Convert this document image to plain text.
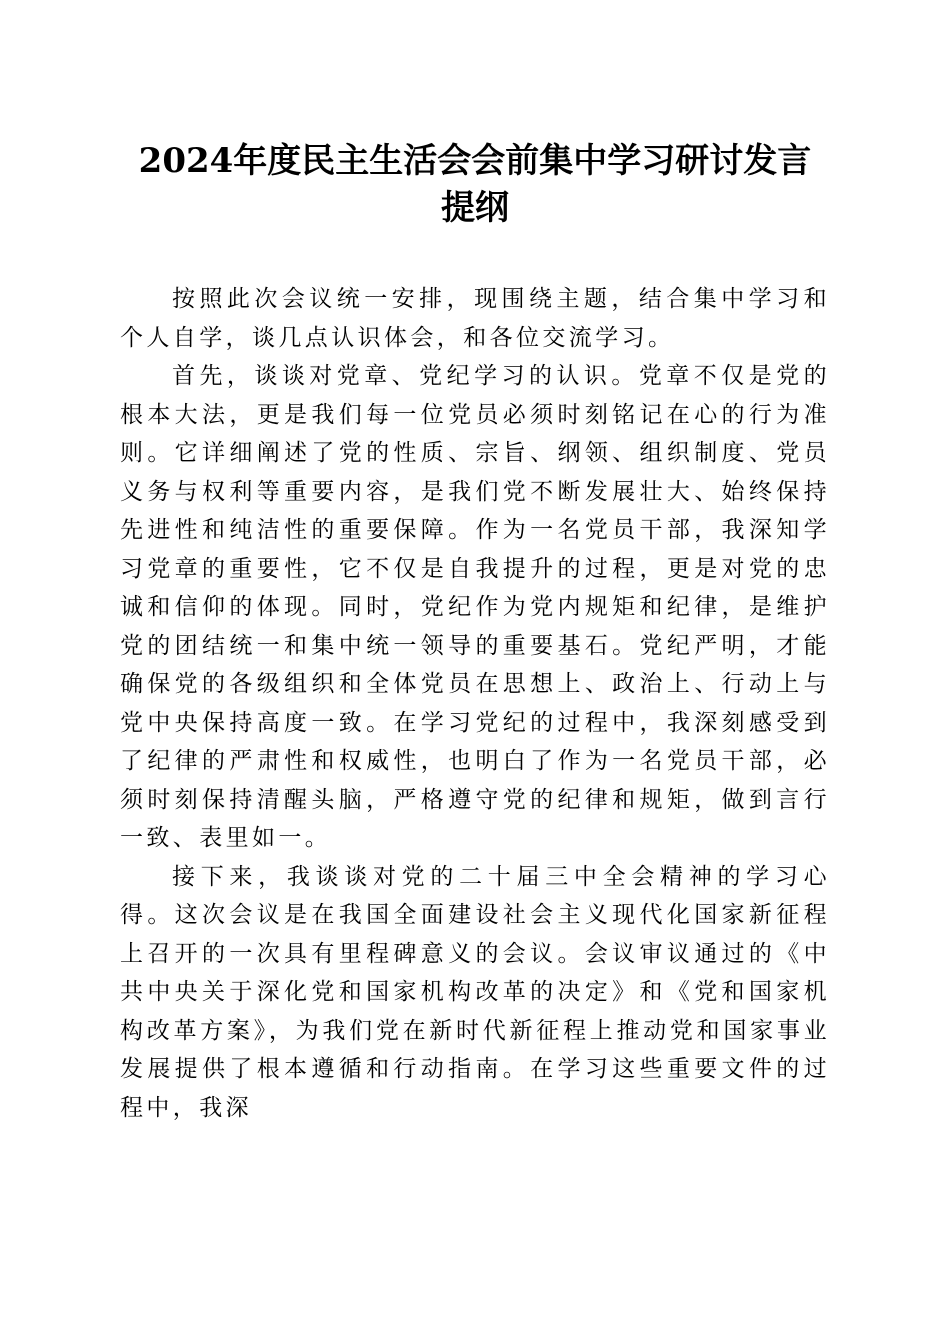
2024年度民主生活会会前集中学习研讨发言
提纲

按照此次会议统一安排，现围绕主题，结合集中学习和个人自学，谈几点认识体会，和各位交流学习。

首先，谈谈对党章、党纪学习的认识。党章不仅是党的根本大法，更是我们每一位党员必须时刻铭记在心的行为准则。它详细阐述了党的性质、宗旨、纲领、组织制度、党员义务与权利等重要内容，是我们党不断发展壮大、始终保持先进性和纯洁性的重要保障。作为一名党员干部，我深知学习党章的重要性，它不仅是自我提升的过程，更是对党的忠诚和信仰的体现。同时，党纪作为党内规矩和纪律，是维护党的团结统一和集中统一领导的重要基石。党纪严明，才能确保党的各级组织和全体党员在思想上、政治上、行动上与党中央保持高度一致。在学习党纪的过程中，我深刻感受到了纪律的严肃性和权威性，也明白了作为一名党员干部，必须时刻保持清醒头脑，严格遵守党的纪律和规矩，做到言行一致、表里如一。

接下来，我谈谈对党的二十届三中全会精神的学习心得。这次会议是在我国全面建设社会主义现代化国家新征程上召开的一次具有里程碑意义的会议。会议审议通过的《中共中央关于深化党和国家机构改革的决定》和《党和国家机构改革方案》，为我们党在新时代新征程上推动党和国家事业发展提供了根本遵循和行动指南。在学习这些重要文件的过程中，我深
